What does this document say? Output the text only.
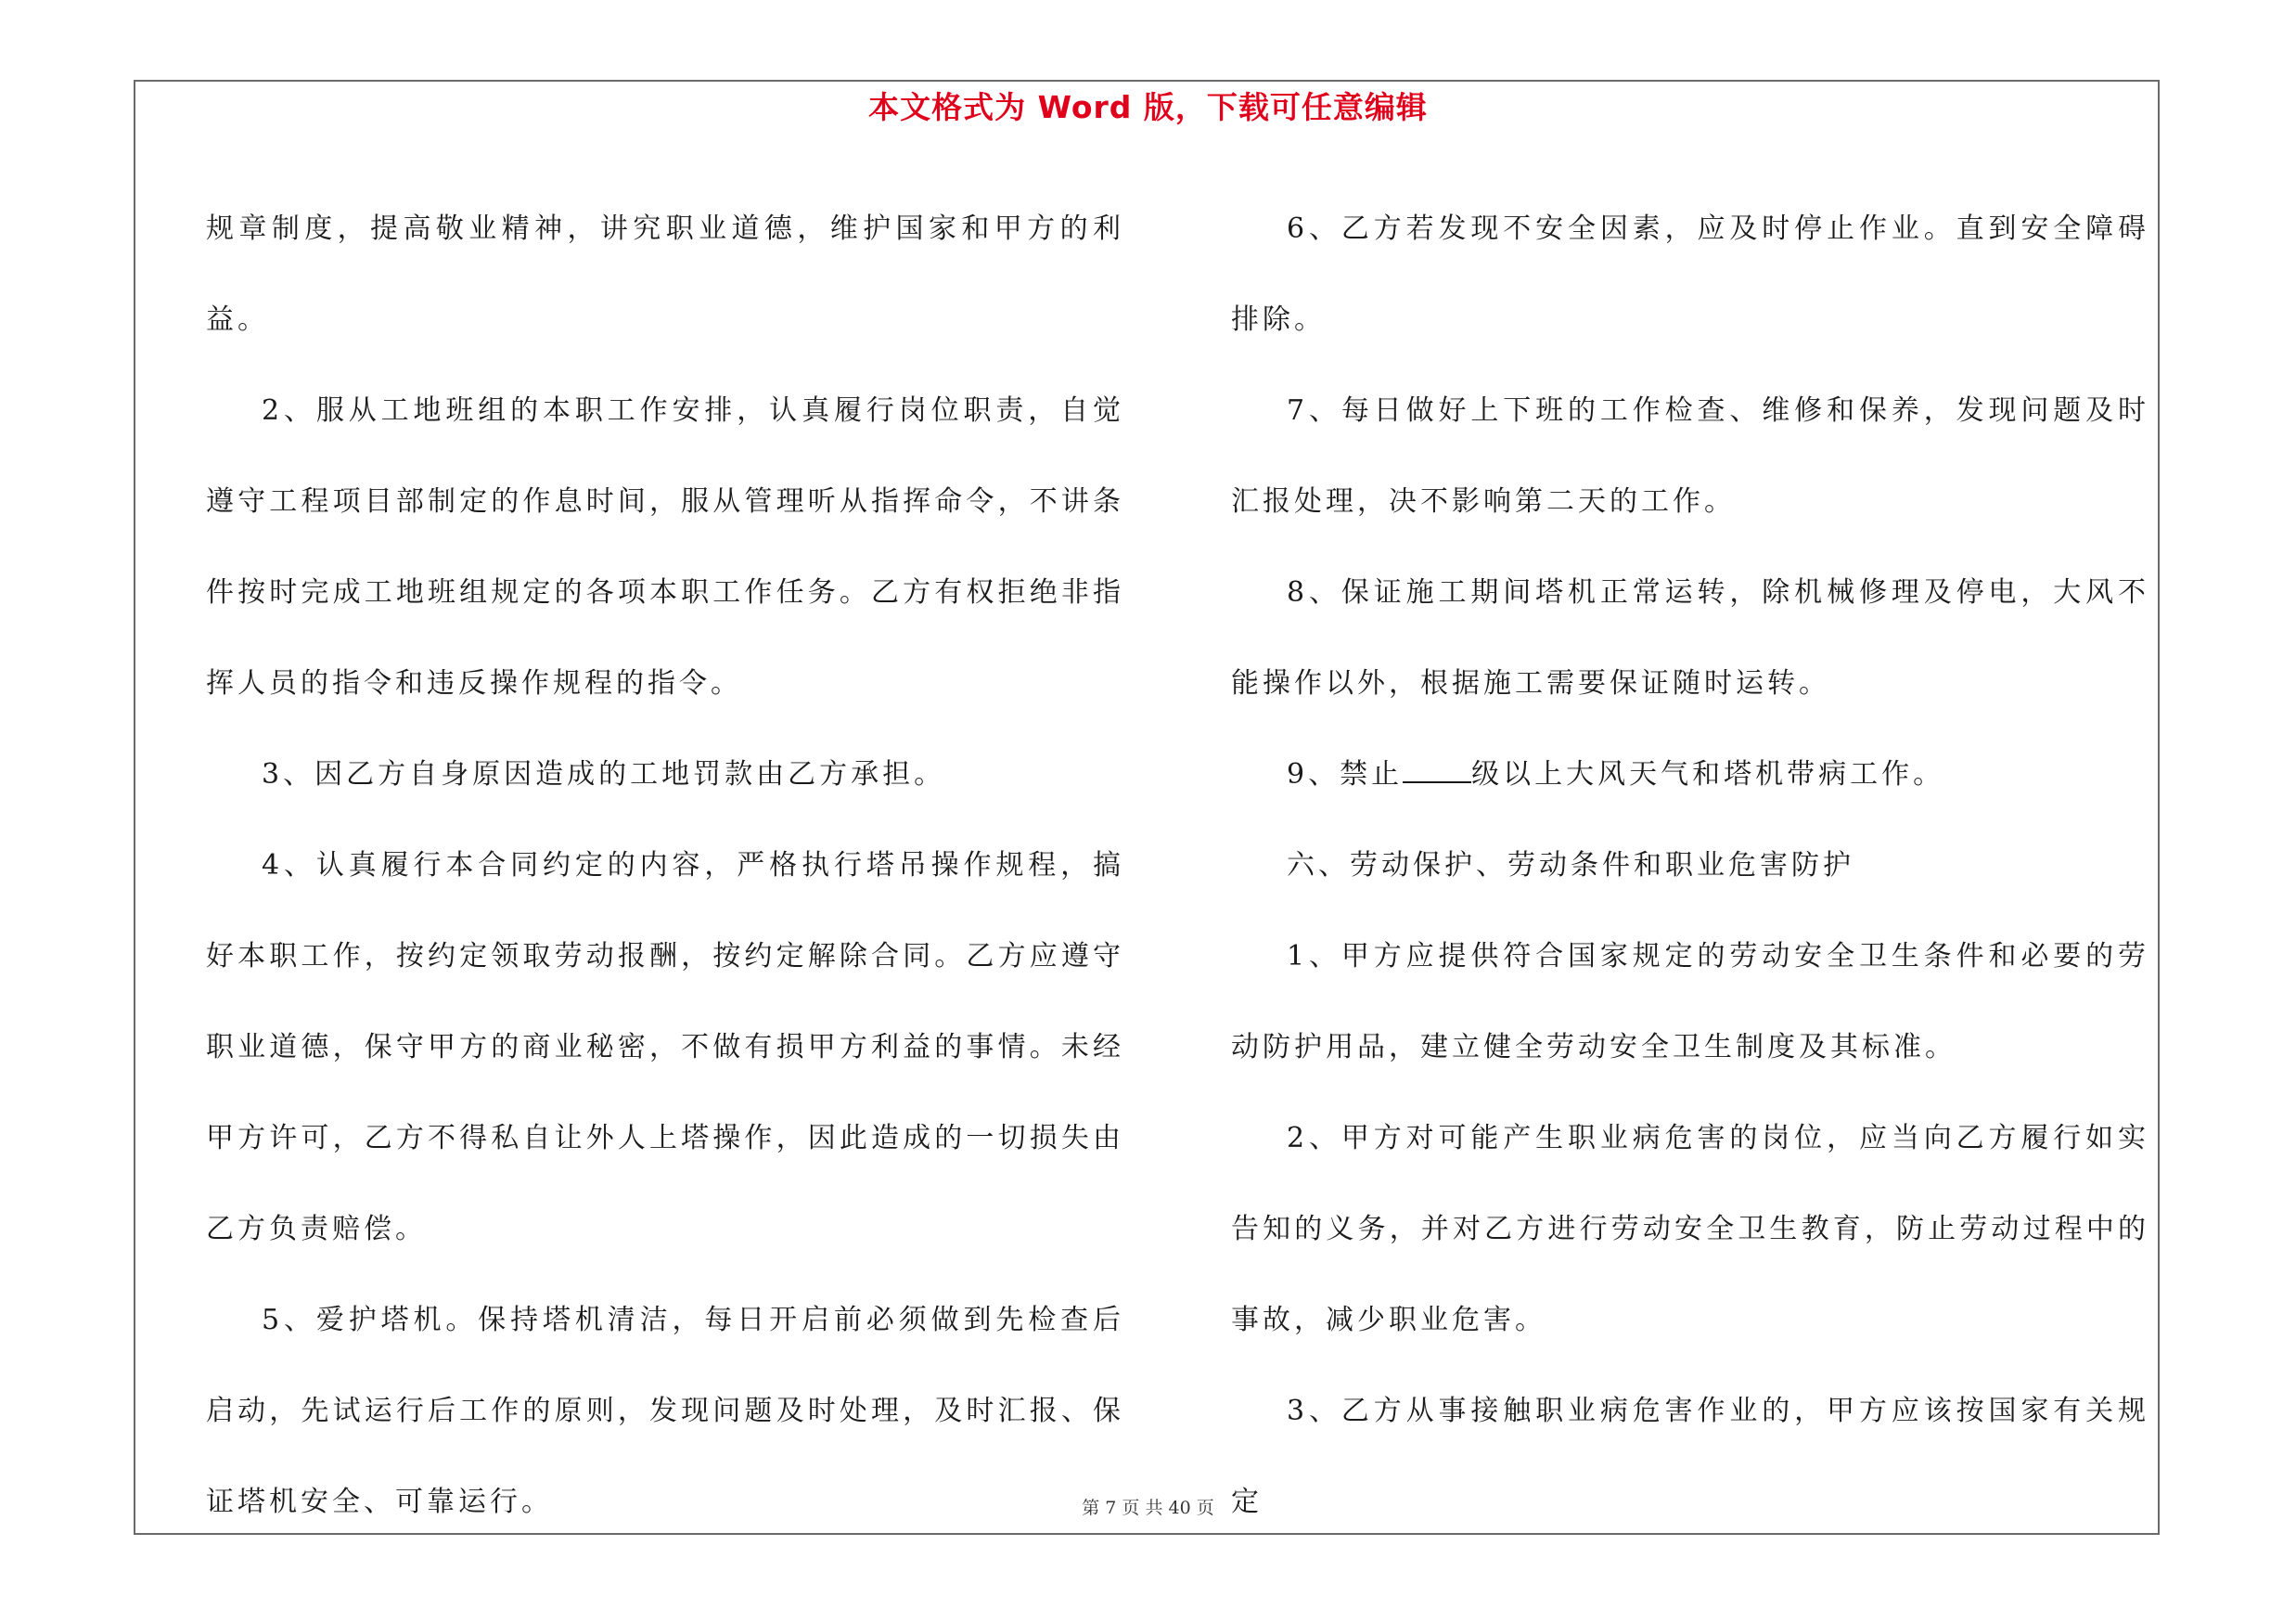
本文格式为 Word 版，下载可任意编辑

规章制度，提高敬业精神，讲究职业道德，维护国家和甲方的利益。

2、服从工地班组的本职工作安排，认真履行岗位职责，自觉遵守工程项目部制定的作息时间，服从管理听从指挥命令，不讲条件按时完成工地班组规定的各项本职工作任务。乙方有权拒绝非指挥人员的指令和违反操作规程的指令。

3、因乙方自身原因造成的工地罚款由乙方承担。

4、认真履行本合同约定的内容，严格执行塔吊操作规程，搞好本职工作，按约定领取劳动报酬，按约定解除合同。乙方应遵守职业道德，保守甲方的商业秘密，不做有损甲方利益的事情。未经甲方许可，乙方不得私自让外人上塔操作，因此造成的一切损失由乙方负责赔偿。

5、爱护塔机。保持塔机清洁，每日开启前必须做到先检查后启动，先试运行后工作的原则，发现问题及时处理，及时汇报、保证塔机安全、可靠运行。

6、乙方若发现不安全因素，应及时停止作业。直到安全障碍排除。

7、每日做好上下班的工作检查、维修和保养，发现问题及时汇报处理，决不影响第二天的工作。

8、保证施工期间塔机正常运转，除机械修理及停电，大风不能操作以外，根据施工需要保证随时运转。

9、禁止 级以上大风天气和塔机带病工作。

六、劳动保护、劳动条件和职业危害防护

1、甲方应提供符合国家规定的劳动安全卫生条件和必要的劳动防护用品，建立健全劳动安全卫生制度及其标准。

2、甲方对可能产生职业病危害的岗位，应当向乙方履行如实告知的义务，并对乙方进行劳动安全卫生教育，防止劳动过程中的事故，减少职业危害。

3、乙方从事接触职业病危害作业的，甲方应该按国家有关规定

第 7 页 共 40 页
